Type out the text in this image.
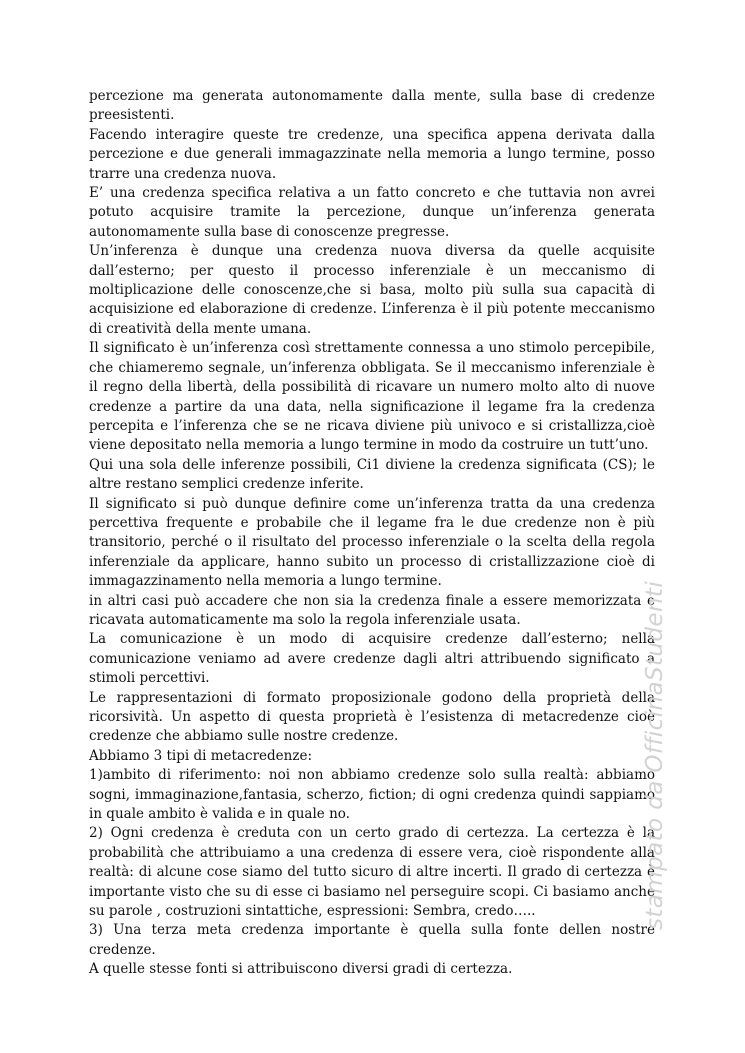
percezione ma generata autonomamente dalla mente, sulla base di credenze preesistenti.

Facendo interagire queste tre credenze, una specifica appena derivata dalla percezione e due generali immagazzinate nella memoria a lungo termine, posso trarre una credenza nuova.

E’ una credenza specifica relativa a un fatto concreto e che tuttavia non avrei potuto acquisire tramite la percezione, dunque un’inferenza generata autonomamente sulla base di conoscenze pregresse.

Un’inferenza è dunque una credenza nuova diversa da quelle acquisite dall’esterno; per questo il processo inferenziale è un meccanismo di moltiplicazione delle conoscenze,che si basa, molto più sulla sua capacità di acquisizione ed elaborazione di credenze. L’inferenza è il più potente meccanismo di creatività della mente umana.

Il significato è un’inferenza così strettamente connessa a uno stimolo percepibile, che chiameremo segnale, un’inferenza obbligata. Se il meccanismo inferenziale è il regno della libertà, della possibilità di ricavare un numero molto alto di nuove credenze a partire da una data, nella significazione il legame fra la credenza percepita e l’inferenza che se ne ricava diviene più univoco e si cristallizza,cioè viene depositato nella memoria a lungo termine in modo da costruire un tutt’uno.

Qui una sola delle inferenze possibili, Ci1 diviene la credenza significata (CS); le altre restano semplici credenze inferite.

Il significato si può dunque definire come un’inferenza tratta da una credenza percettiva frequente e probabile che il legame fra le due credenze non è più transitorio, perché o il risultato del processo inferenziale o la scelta della regola inferenziale da applicare, hanno subito un processo di cristallizzazione cioè di immagazzinamento nella memoria a lungo termine.

in altri casi può accadere che non sia la credenza finale a essere memorizzata e ricavata automaticamente ma solo la regola inferenziale usata.

La comunicazione è un modo di acquisire credenze dall’esterno; nella comunicazione veniamo ad avere credenze dagli altri attribuendo significato a stimoli percettivi.

Le rappresentazioni di formato proposizionale godono della proprietà della ricorsività. Un aspetto di questa proprietà è l’esistenza di metacredenze cioè credenze che abbiamo sulle nostre credenze.

Abbiamo 3 tipi di metacredenze:

1)ambito di riferimento: noi non abbiamo credenze solo sulla realtà: abbiamo sogni, immaginazione,fantasia, scherzo, fiction; di ogni credenza quindi sappiamo in quale ambito è valida e in quale no.

2) Ogni credenza è creduta con un certo grado di certezza. La certezza è la probabilità che attribuiamo a una credenza di essere vera, cioè rispondente alla realtà: di alcune cose siamo del tutto sicuro di altre incerti. Il grado di certezza è importante visto che su di esse ci basiamo nel perseguire scopi. Ci basiamo anche su parole , costruzioni sintattiche, espressioni: Sembra, credo…..

3) Una terza meta credenza importante è quella sulla fonte dellen nostre credenze.

A quelle stesse fonti si attribuiscono diversi gradi di certezza.

stampato da OfficinaStudenti
